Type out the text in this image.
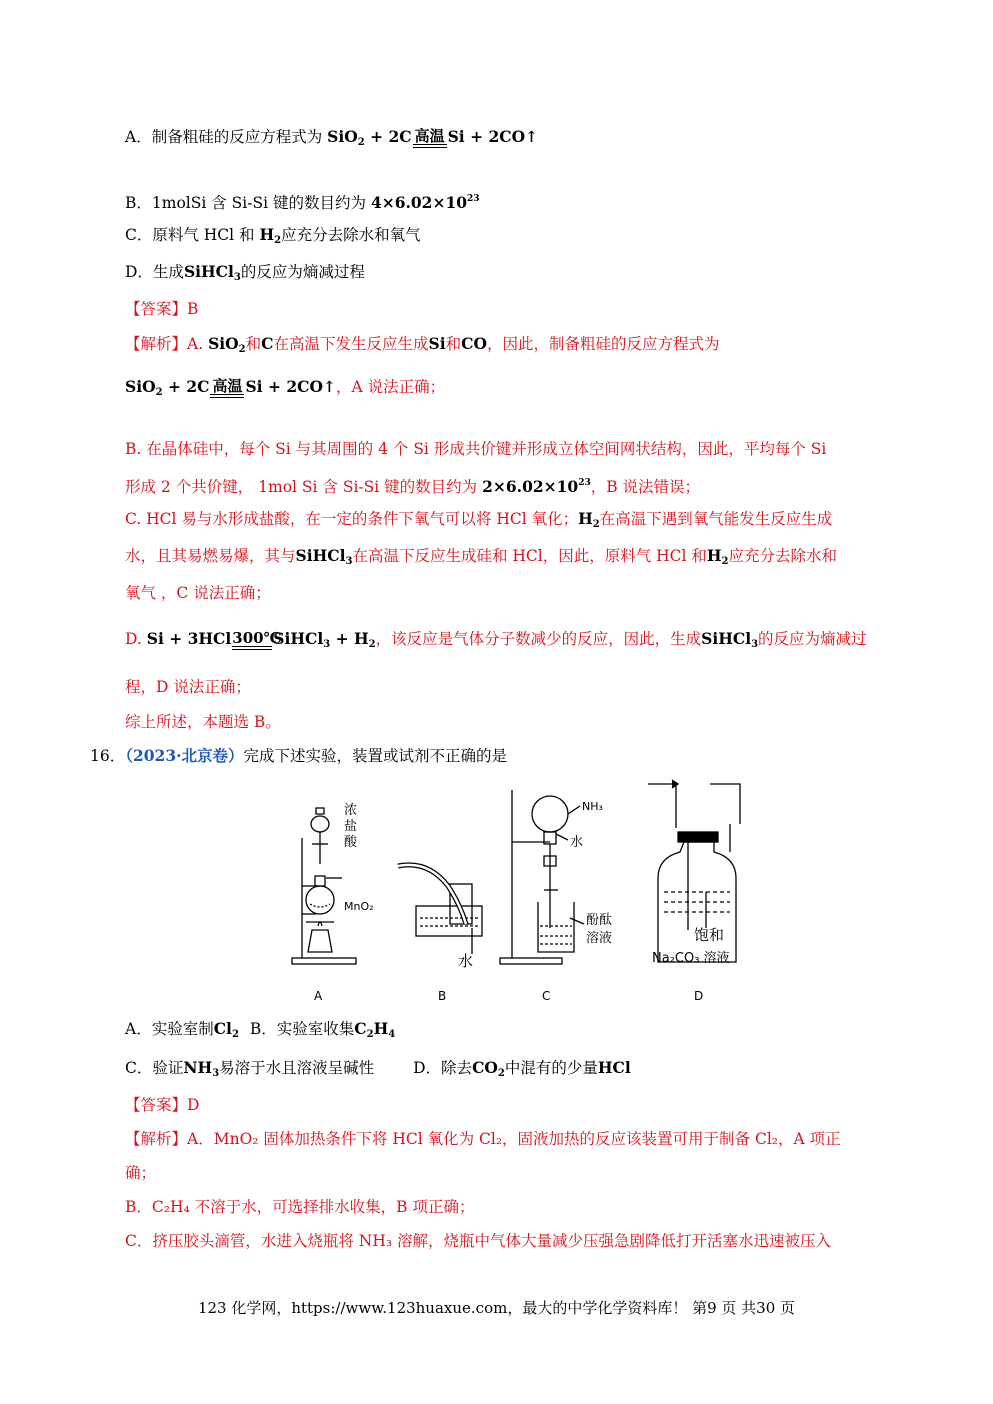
A．制备粗硅的反应方程式为 SiO$_2$ + 2C 高温 Si + 2CO↑
B．1molSi 含 Si-Si 键的数目约为 $4\times 6.02\times 10^{23}$
C．原料气 HCl 和 $H_2$应充分去除水和氧气
D．生成SiHCl$_3$的反应为熵减过程
【答案】B
【解析】A. SiO$_2$和C在高温下发生反应生成Si和CO，因此，制备粗硅的反应方程式为
SiO$_2$ + 2C 高温 Si + 2CO↑，A 说法正确；
B. 在晶体硅中，每个 Si 与其周围的 4 个 Si 形成共价键并形成立体空间网状结构，因此，平均每个 Si
形成 2 个共价键， 1mol Si 含 Si-Si 键的数目约为 $2\times 6.02\times 10^{23}$，B 说法错误；
C. HCl 易与水形成盐酸，在一定的条件下氧气可以将 HCl 氧化；$H_2$在高温下遇到氧气能发生反应生成
水，且其易燃易爆，其与SiHCl$_3$在高温下反应生成硅和 HCl，因此，原料气 HCl 和$H_2$应充分去除水和
氧气 ，C 说法正确；
D. Si + 3HCl 300℃
SiHCl$_3$ + $H_2$，该反应是气体分子数减少的反应，因此，生成SiHCl$_3$的反应为熵减过
程，D 说法正确；
综上所述，本题选 B。
16．（2023·北京卷）完成下述实验，装置或试剂不正确的是
浓
盐
酸
MnO₂
水
NH₃
水
酚酞
溶液	饱和
Na₂CO₃ 溶液
A	B	C	D
A．实验室制$Cl_2$ B．实验室收集$C_2H_4$
C．验证$NH_3$易溶于水且溶液呈碱性	D．除去$CO_2$中混有的少量HCl
【答案】D
【解析】A．MnO₂ 固体加热条件下将 HCl 氧化为 Cl₂，固液加热的反应该装置可用于制备 Cl₂，A 项正
确；
B．C₂H₄ 不溶于水，可选择排水收集，B 项正确；
C．挤压胶头滴管，水进入烧瓶将 NH₃ 溶解，烧瓶中气体大量减少压强急剧降低打开活塞水迅速被压入
123 化学网，https://www.123huaxue.com，最大的中学化学资料库！ 第9 页 共30 页
